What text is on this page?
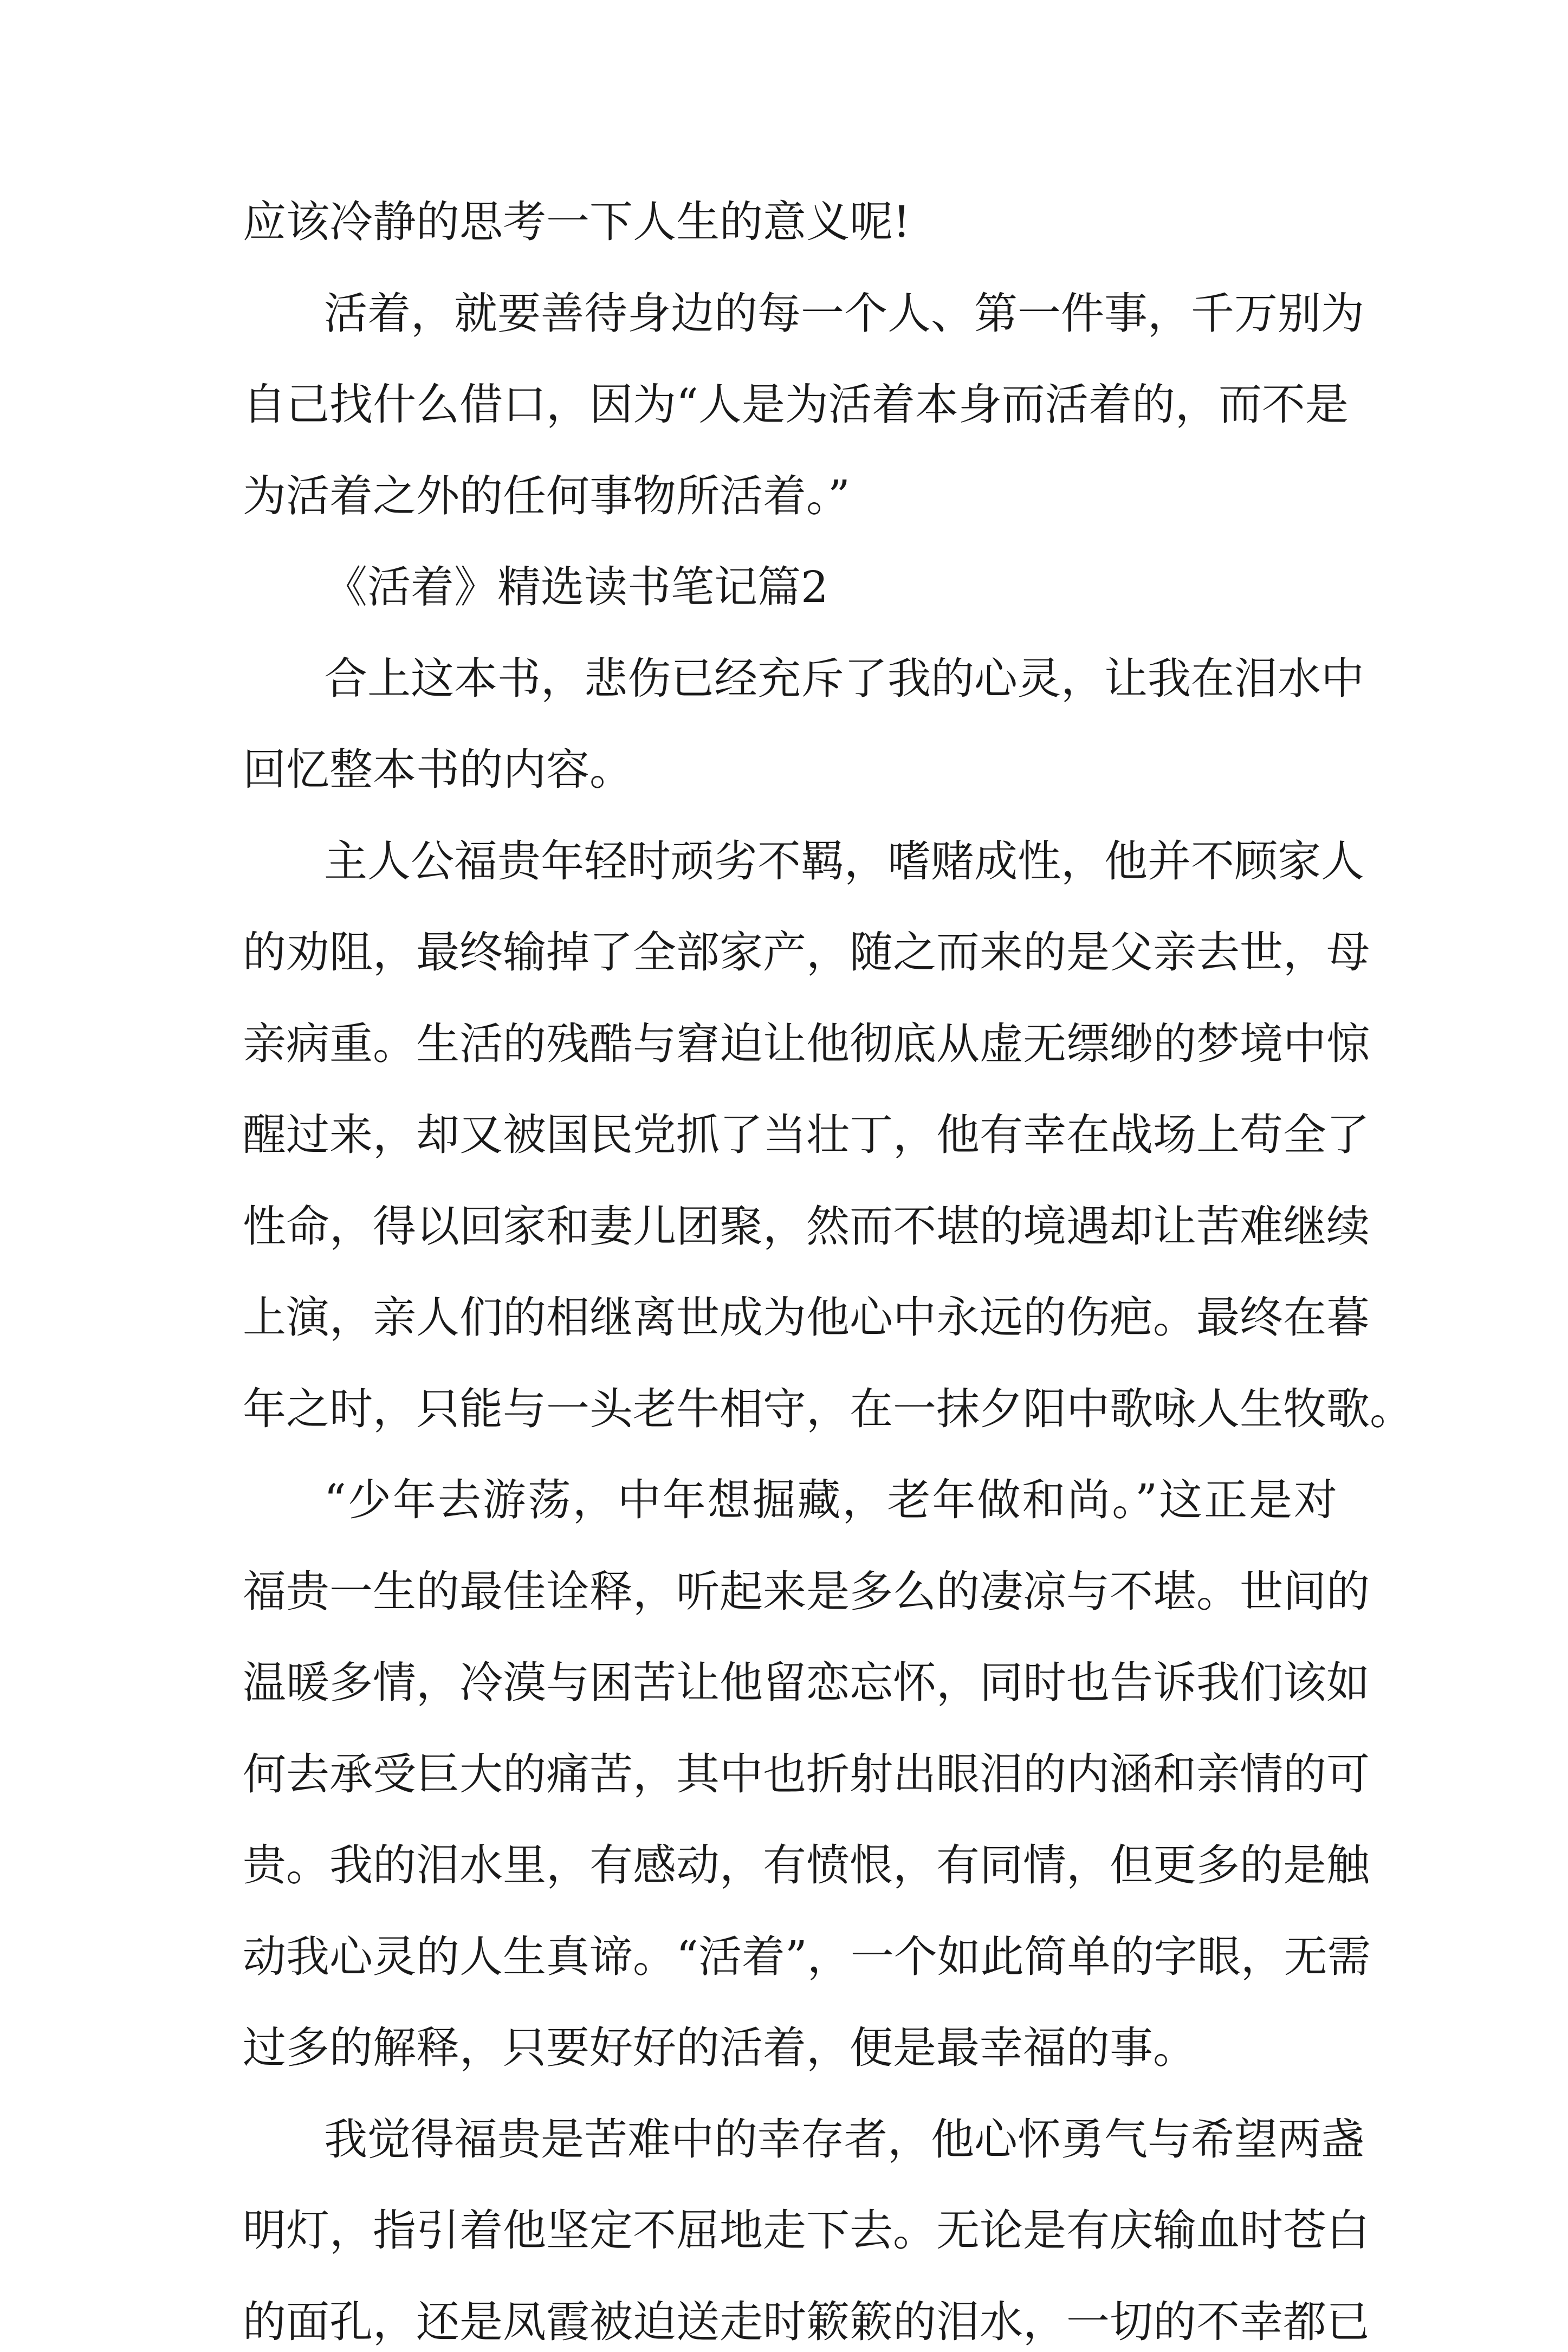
应该冷静的思考一下人生的意义呢!
活着，就要善待身边的每一个人、第一件事，千万别为
自己找什么借口，因为“人是为活着本身而活着的，而不是
为活着之外的任何事物所活着。”
《活着》精选读书笔记篇2
合上这本书，悲伤已经充斥了我的心灵，让我在泪水中
回忆整本书的内容。
主人公福贵年轻时顽劣不羁，嗜赌成性，他并不顾家人
的劝阻，最终输掉了全部家产，随之而来的是父亲去世，母
亲病重。生活的残酷与窘迫让他彻底从虚无缥缈的梦境中惊
醒过来，却又被国民党抓了当壮丁，他有幸在战场上苟全了
性命，得以回家和妻儿团聚，然而不堪的境遇却让苦难继续
上演，亲人们的相继离世成为他心中永远的伤疤。最终在暮
年之时，只能与一头老牛相守，在一抹夕阳中歌咏人生牧歌。
“少年去游荡，中年想掘藏，老年做和尚。”这正是对
福贵一生的最佳诠释，听起来是多么的凄凉与不堪。世间的
温暖多情，冷漠与困苦让他留恋忘怀，同时也告诉我们该如
何去承受巨大的痛苦，其中也折射出眼泪的内涵和亲情的可
贵。我的泪水里，有感动，有愤恨，有同情，但更多的是触
动我心灵的人生真谛。“活着”，一个如此简单的字眼，无需
过多的解释，只要好好的活着，便是最幸福的事。
我觉得福贵是苦难中的幸存者，他心怀勇气与希望两盏
明灯，指引着他坚定不屈地走下去。无论是有庆输血时苍白
的面孔，还是凤霞被迫送走时簌簌的泪水，一切的不幸都已
